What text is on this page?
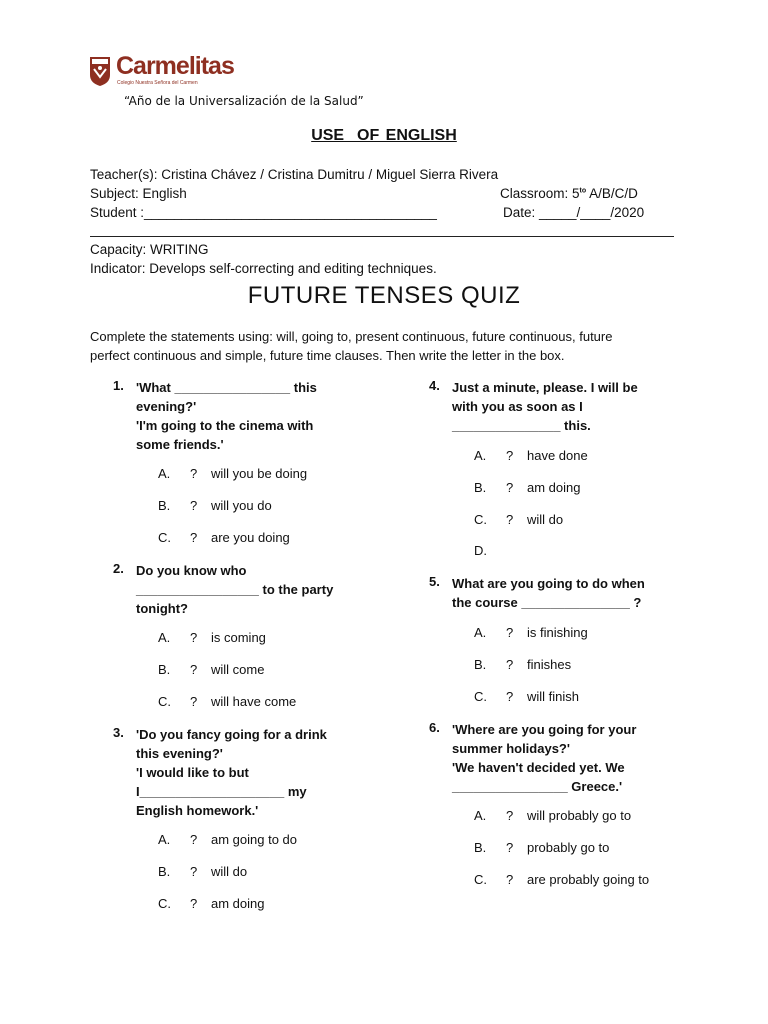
Carmelitas
Colegio Nuestra Señora del Carmen
“Año de la Universalización de la Salud”
USE  OF ENGLISH
Teacher(s): Cristina Chávez / Cristina Dumitru / Miguel Sierra Rivera
Subject: English	Classroom: $5^{to}$ A/B/C/D
Student :_______________________________________	Date: _____/____/2020
Capacity: WRITING
Indicator: Develops self-correcting and editing techniques.
FUTURE TENSES QUIZ
Complete the statements using: will, going to, present continuous, future continuous, future perfect continuous and simple, future time clauses. Then write the letter in the box.
1. 'What ________________ this
evening?'
'I'm going to the cinema with
some friends.'
A. ? will you be doing
B. ? will you do
C. ? are you doing
2. Do you know who
_________________ to the party
tonight?
A. ? is coming
B. ? will come
C. ? will have come
3. 'Do you fancy going for a drink
this evening?'
'I would like to but
I____________________ my
English homework.'
A. ? am going to do
B. ? will do
C. ? am doing
4. Just a minute, please. I will be
with you as soon as I
_______________ this.
A. ? have done
B. ? am doing
C. ? will do
D.
5. What are you going to do when
the course _______________ ?
A. ? is finishing
B. ? finishes
C. ? will finish
6. 'Where are you going for your
summer holidays?'
'We haven't decided yet. We
________________ Greece.'
A. ? will probably go to
B. ? probably go to
C. ? are probably going to
